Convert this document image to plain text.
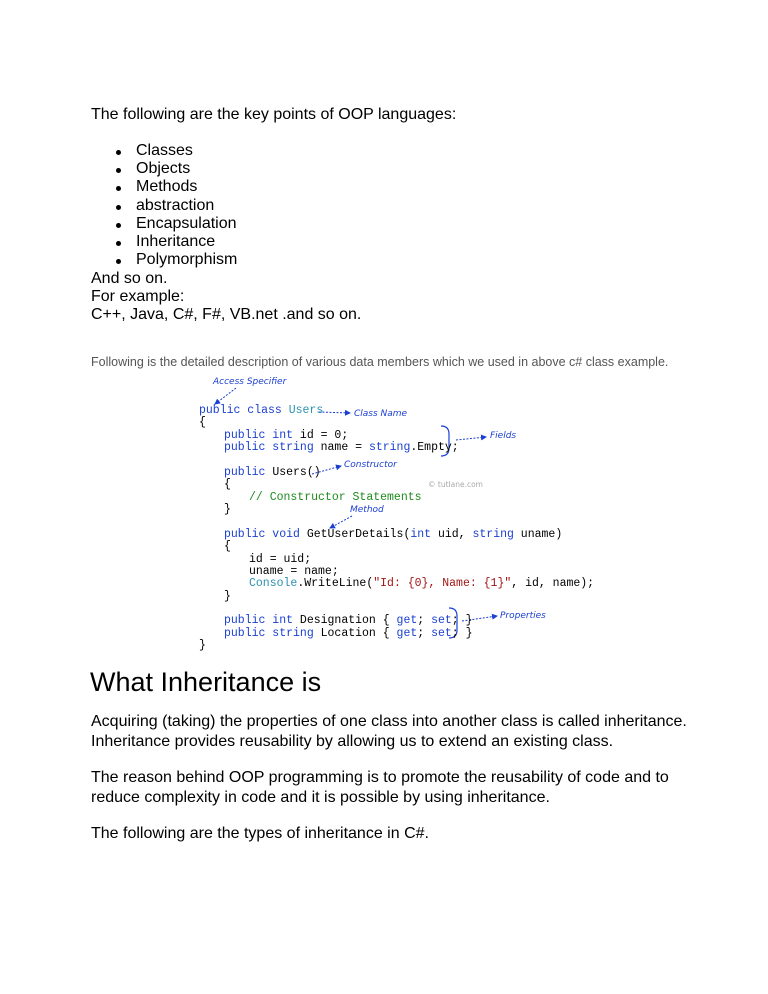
The following are the key points of OOP languages:

Classes
Objects
Methods
abstraction
Encapsulation
Inheritance
Polymorphism
And so on.
For example:
C++, Java, C#, F#, VB.net .and so on.

Following is the detailed description of various data members which we used in above c# class example.

Access Specifier
Class Name
Fields
Constructor
Method
Properties
© tutlane.com

public class Users

{

public int id = 0;

public string name = string.Empty;

public Users()

{

// Constructor Statements

}

public void GetUserDetails(int uid, string uname)

{

id = uid;

uname = name;

Console.WriteLine("Id: {0}, Name: {1}", id, name);

}

public int Designation { get; set; }

public string Location { get; set; }

}

What Inheritance is

Acquiring (taking) the properties of one class into another class is called inheritance. Inheritance provides reusability by allowing us to extend an existing class.

The reason behind OOP programming is to promote the reusability of code and to reduce complexity in code and it is possible by using inheritance.

The following are the types of inheritance in C#.
